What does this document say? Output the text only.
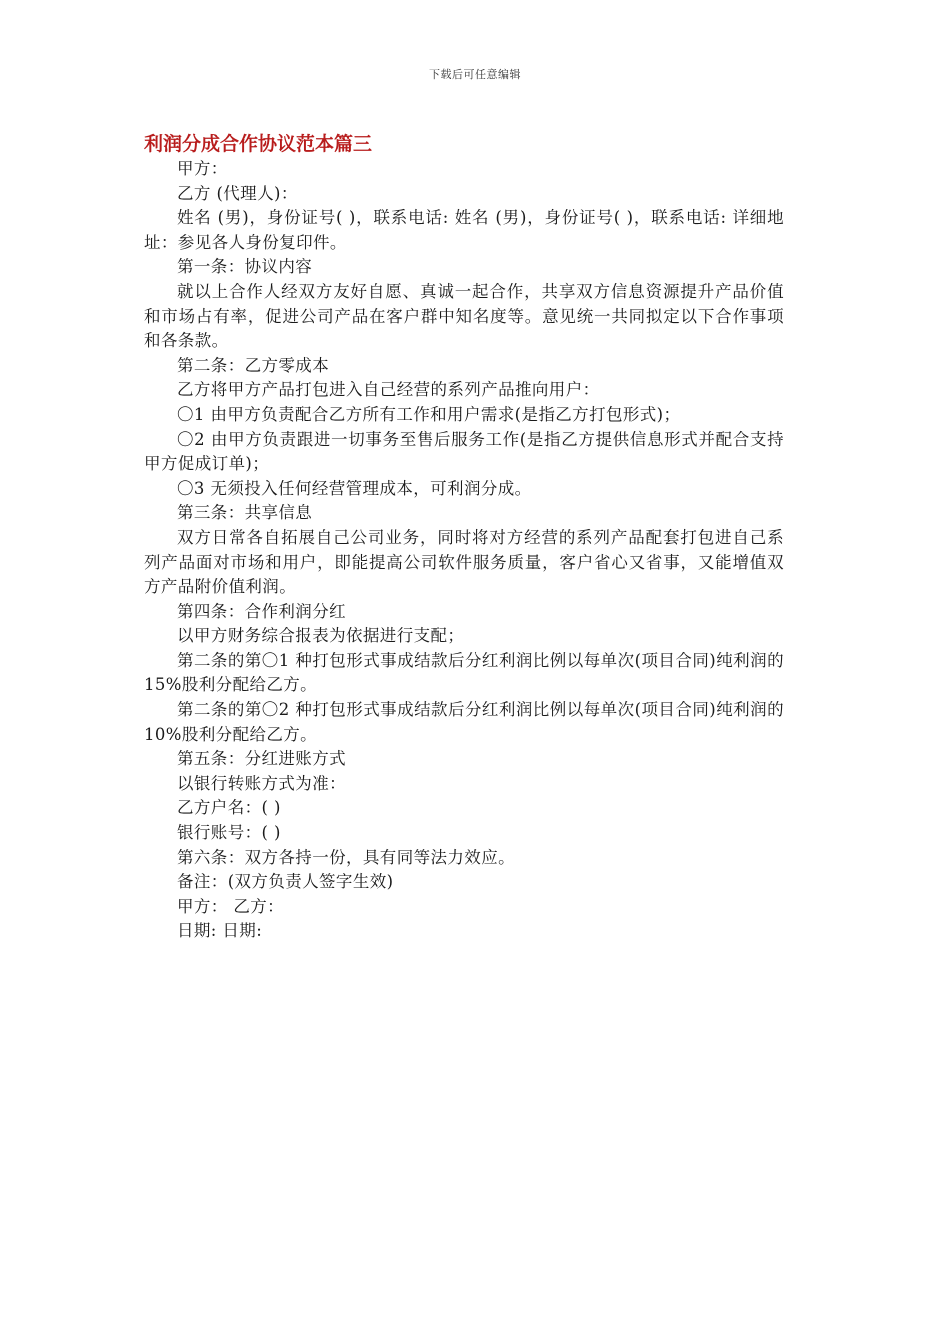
下载后可任意编辑
利润分成合作协议范本篇三

甲方：

乙方 (代理人)：

姓名 (男)，身份证号( )，联系电话: 姓名 (男)，身份证号( )，联系电话: 详细地址：参见各人身份复印件。

第一条：协议内容

就以上合作人经双方友好自愿、真诚一起合作，共享双方信息资源提升产品价值和市场占有率，促进公司产品在客户群中知名度等。意见统一共同拟定以下合作事项和各条款。

第二条：乙方零成本

乙方将甲方产品打包进入自己经营的系列产品推向用户：

〇1 由甲方负责配合乙方所有工作和用户需求(是指乙方打包形式)；

〇2 由甲方负责跟进一切事务至售后服务工作(是指乙方提供信息形式并配合支持甲方促成订单)；

〇3 无须投入任何经营管理成本，可利润分成。

第三条：共享信息

双方日常各自拓展自己公司业务，同时将对方经营的系列产品配套打包进自己系列产品面对市场和用户，即能提高公司软件服务质量，客户省心又省事，又能增值双方产品附价值利润。

第四条：合作利润分红

以甲方财务综合报表为依据进行支配；

第二条的第〇1 种打包形式事成结款后分红利润比例以每单次(项目合同)纯利润的 15%股利分配给乙方。

第二条的第〇2 种打包形式事成结款后分红利润比例以每单次(项目合同)纯利润的 10%股利分配给乙方。

第五条：分红进账方式

以银行转账方式为准：

乙方户名：( )

银行账号：( )

第六条：双方各持一份，具有同等法力效应。

备注：(双方负责人签字生效)

甲方： 乙方：

日期: 日期:
